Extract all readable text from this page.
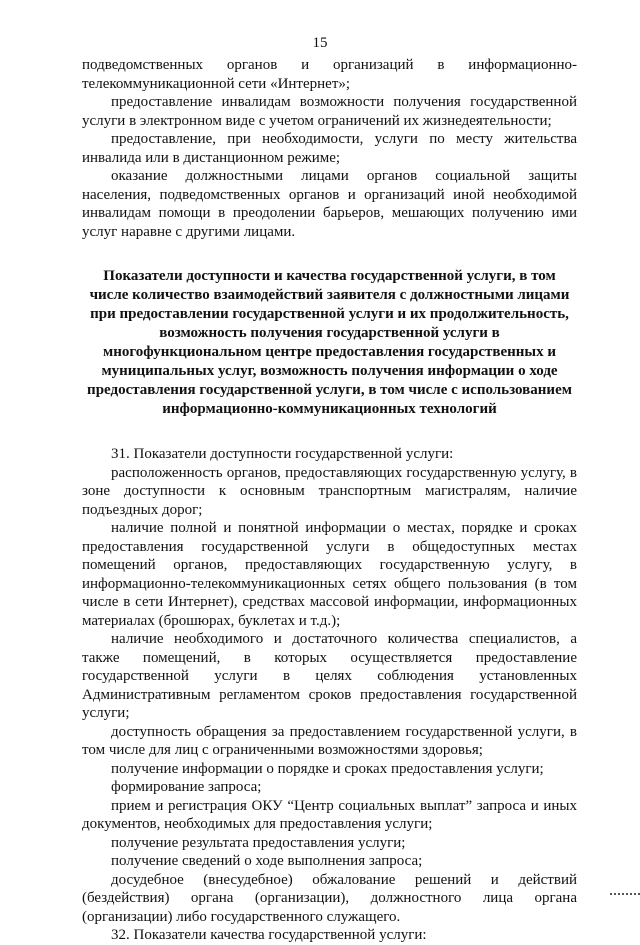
15

подведомственных органов и организаций в информационно-телекоммуникационной сети «Интернет»;

предоставление инвалидам возможности получения государственной услуги в электронном виде с учетом ограничений их жизнедеятельности;

предоставление, при необходимости, услуги по месту жительства инвалида или в дистанционном режиме;

оказание должностными лицами органов социальной защиты населения, подведомственных органов и организаций иной необходимой инвалидам помощи в преодолении барьеров, мешающих получению ими услуг наравне с другими лицами.

Показатели доступности и качества государственной услуги, в том числе количество взаимодействий заявителя с должностными лицами при предоставлении государственной услуги и их продолжительность, возможность получения государственной услуги в многофункциональном центре предоставления государственных и муниципальных услуг, возможность получения информации о ходе предоставления государственной услуги, в том числе с использованием информационно-коммуникационных технологий

31. Показатели доступности государственной услуги:

расположенность органов, предоставляющих государственную услугу, в зоне доступности к основным транспортным магистралям, наличие подъездных дорог;

наличие полной и понятной информации о местах, порядке и сроках предоставления государственной услуги в общедоступных местах помещений органов, предоставляющих государственную услугу, в информационно-телекоммуникационных сетях общего пользования (в том числе в сети Интернет), средствах массовой информации, информационных материалах (брошюрах, буклетах и т.д.);

наличие необходимого и достаточного количества специалистов, а также помещений, в которых осуществляется предоставление государственной услуги в целях соблюдения установленных Административным регламентом сроков предоставления государственной услуги;

доступность обращения за предоставлением государственной услуги, в том числе для лиц с ограниченными возможностями здоровья;

получение информации о порядке и сроках предоставления услуги;

формирование запроса;

прием и регистрация ОКУ “Центр социальных выплат” запроса и иных документов, необходимых для предоставления услуги;

получение результата предоставления услуги;

получение сведений о ходе выполнения запроса;

досудебное (внесудебное) обжалование решений и действий (бездействия) органа (организации), должностного лица органа (организации) либо государственного служащего.

32. Показатели качества государственной услуги:
